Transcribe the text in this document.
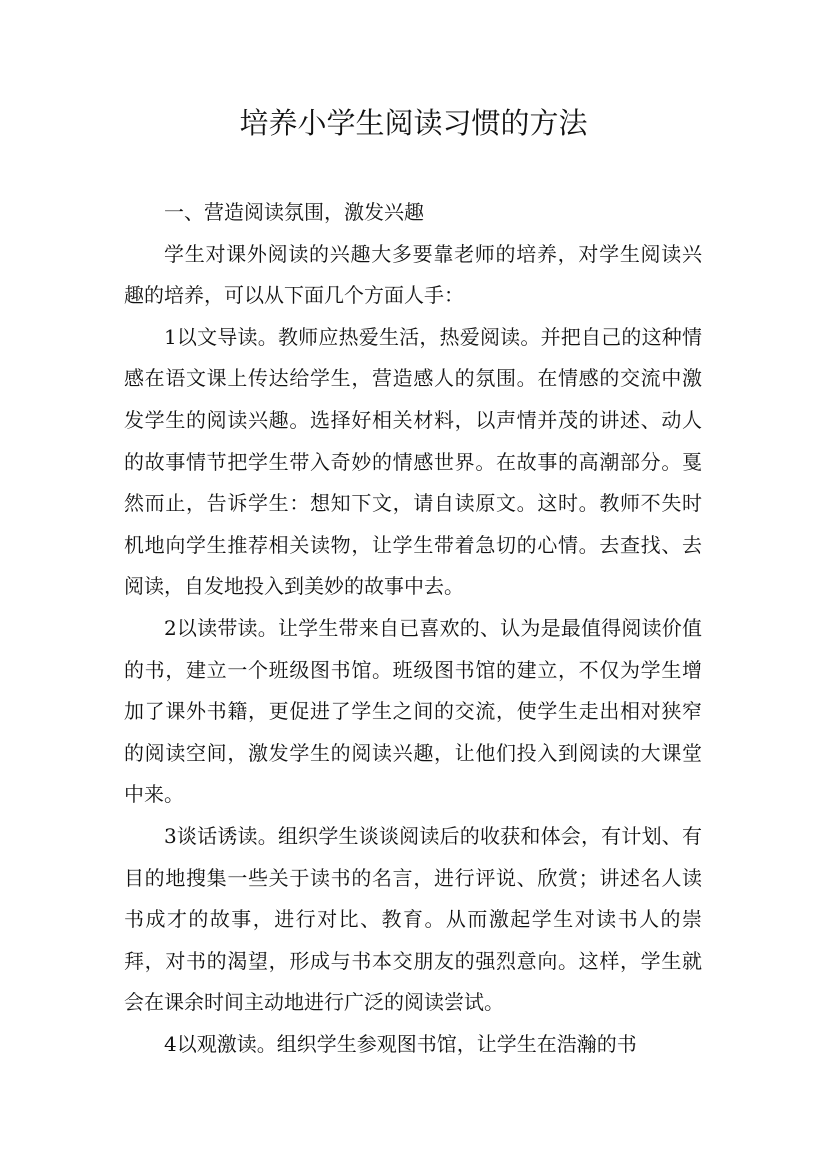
培养小学生阅读习惯的方法

一、营造阅读氛围，激发兴趣

学生对课外阅读的兴趣大多要靠老师的培养，对学生阅读兴趣的培养，可以从下面几个方面人手：

1以文导读。教师应热爱生活，热爱阅读。并把自己的这种情感在语文课上传达给学生，营造感人的氛围。在情感的交流中激发学生的阅读兴趣。选择好相关材料，以声情并茂的讲述、动人的故事情节把学生带入奇妙的情感世界。在故事的高潮部分。戛然而止，告诉学生：想知下文，请自读原文。这时。教师不失时机地向学生推荐相关读物，让学生带着急切的心情。去查找、去阅读，自发地投入到美妙的故事中去。

2以读带读。让学生带来自已喜欢的、认为是最值得阅读价值的书，建立一个班级图书馆。班级图书馆的建立，不仅为学生增加了课外书籍，更促进了学生之间的交流，使学生走出相对狭窄的阅读空间，激发学生的阅读兴趣，让他们投入到阅读的大课堂中来。

3谈话诱读。组织学生谈谈阅读后的收获和体会，有计划、有目的地搜集一些关于读书的名言，进行评说、欣赏；讲述名人读书成才的故事，进行对比、教育。从而激起学生对读书人的崇拜，对书的渴望，形成与书本交朋友的强烈意向。这样，学生就会在课余时间主动地进行广泛的阅读尝试。

4以观激读。组织学生参观图书馆，让学生在浩瀚的书
